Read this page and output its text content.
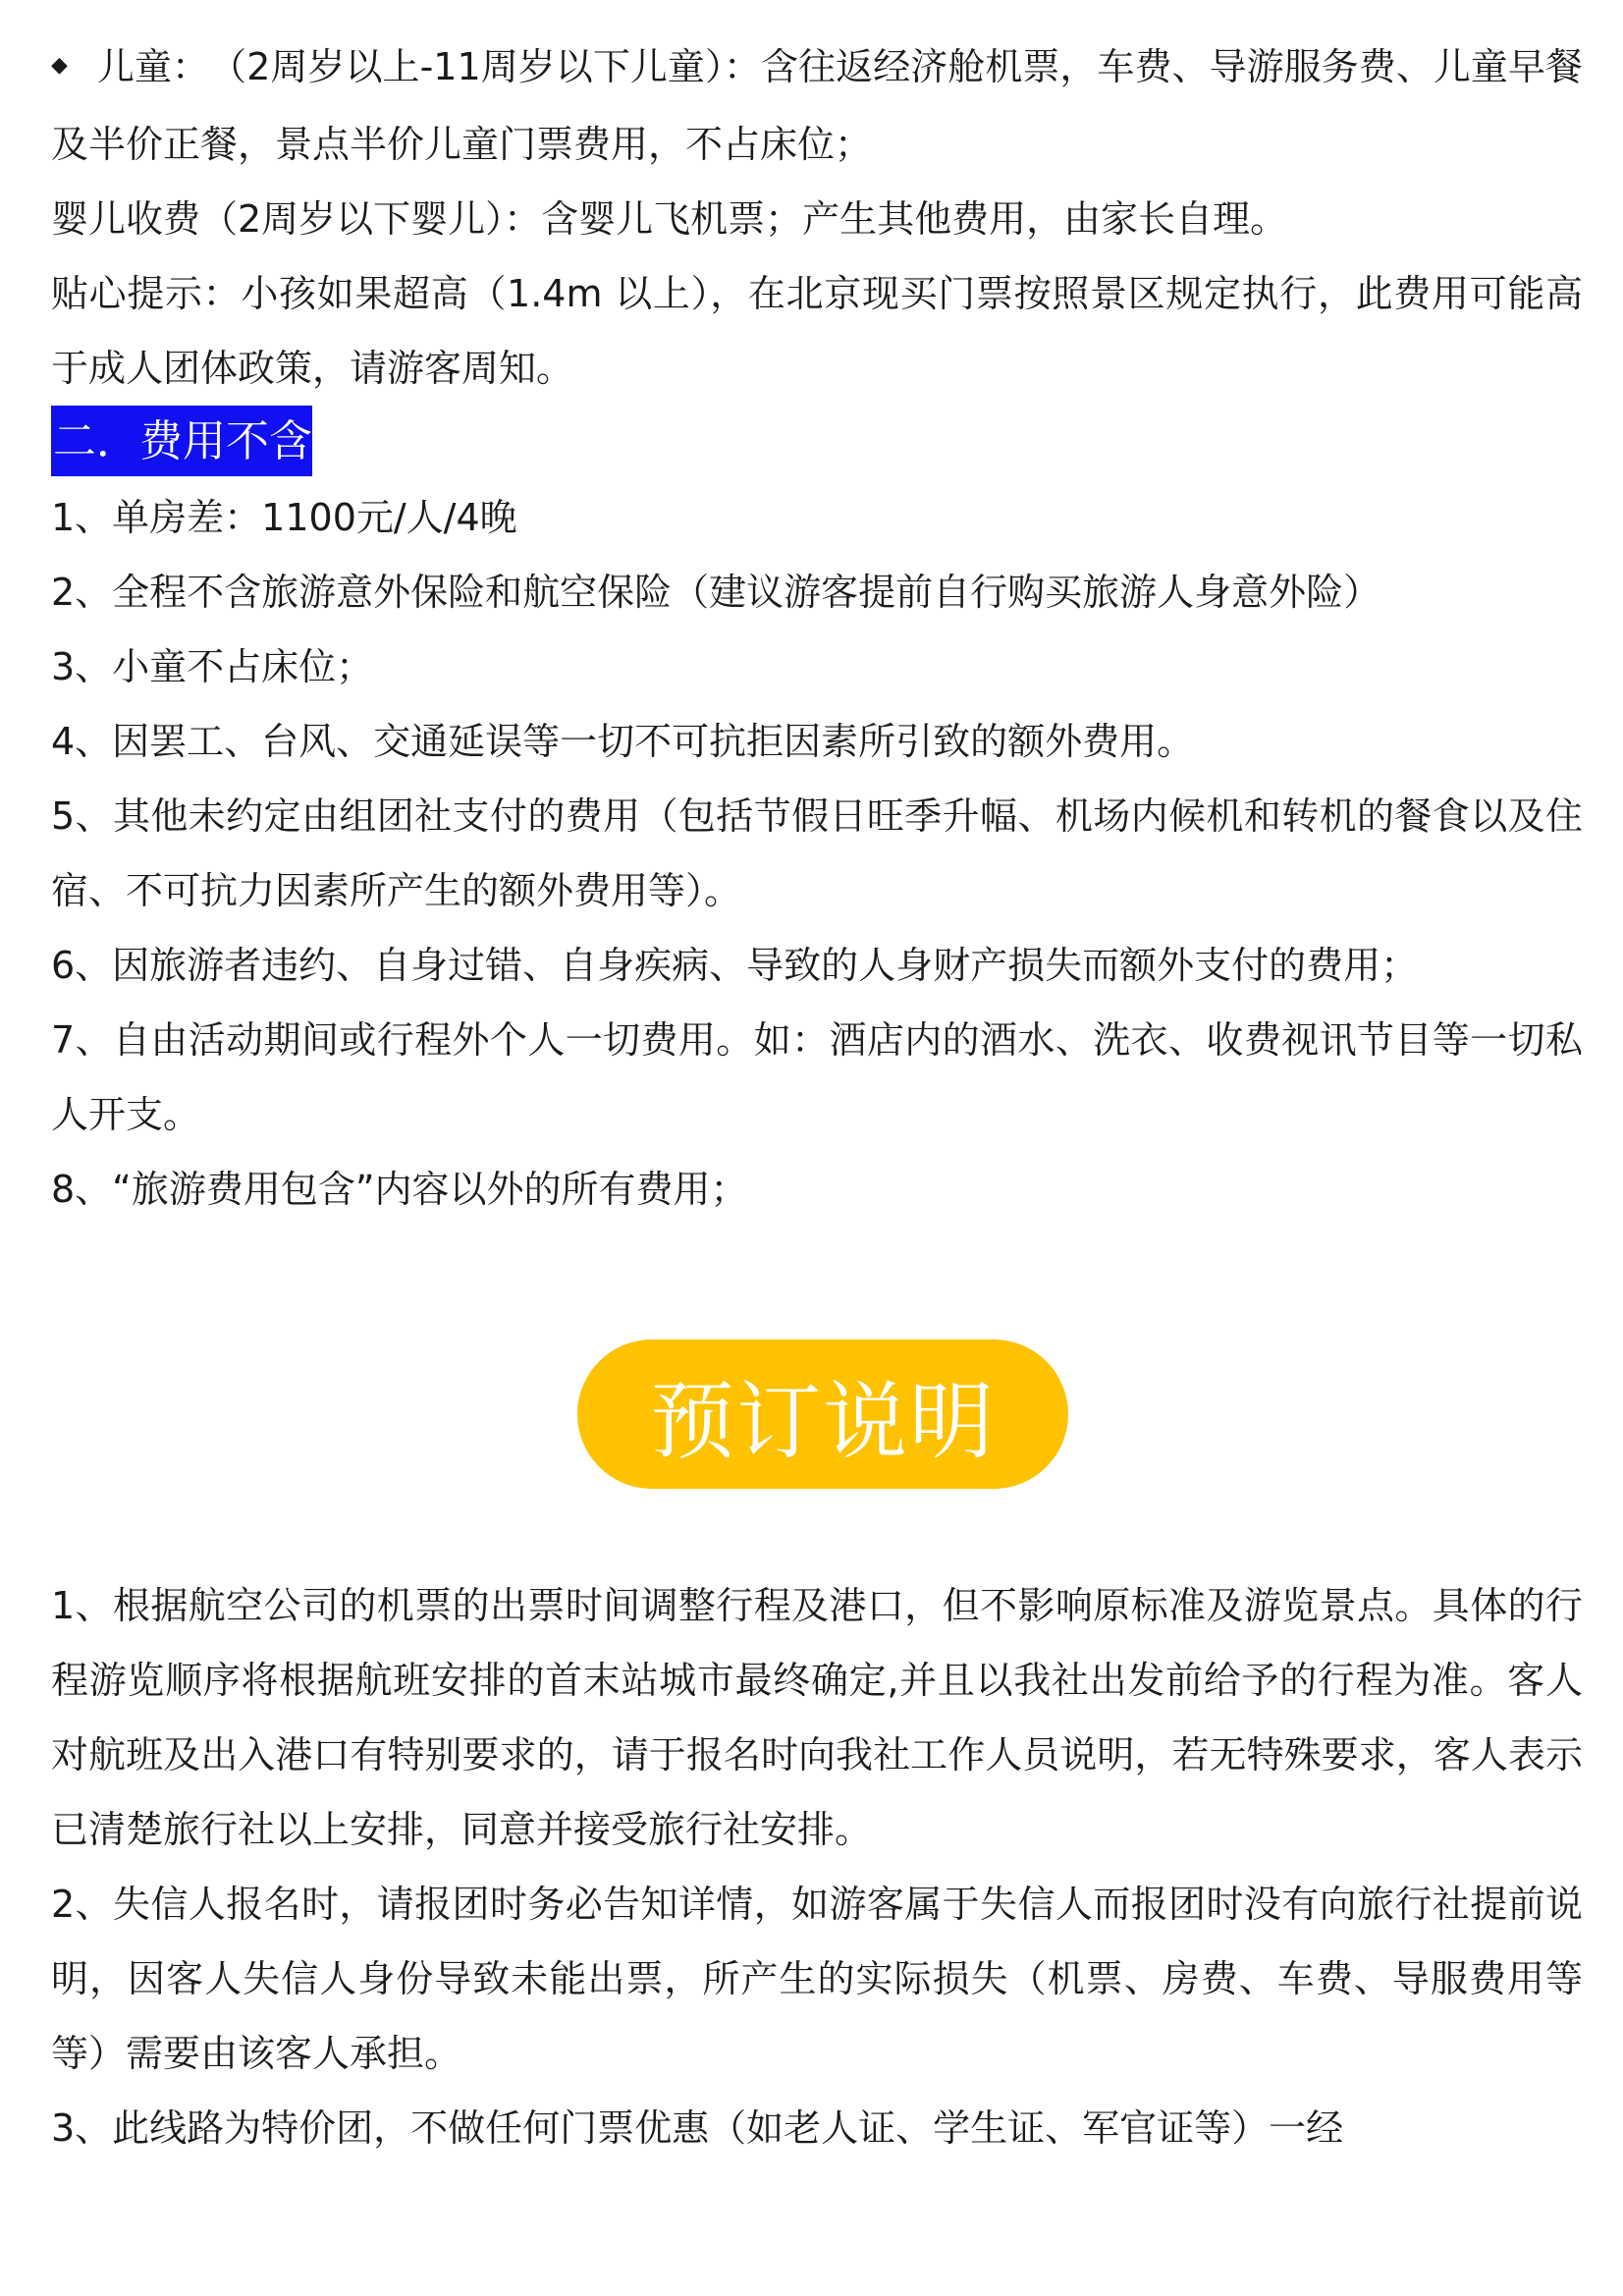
◆ 儿童：　（2周岁以上-11周岁以下儿童）：含往返经济舱机票，车费、导游服务费、儿童早餐及半价正餐，景点半价儿童门票费用，不占床位；

婴儿收费（2周岁以下婴儿）：含婴儿飞机票；产生其他费用，由家长自理。

贴心提示：小孩如果超高（1.4m 以上），在北京现买门票按照景区规定执行，此费用可能高于成人团体政策，请游客周知。

二．费用不含

1、单房差：1100元/人/4晚

2、全程不含旅游意外保险和航空保险（建议游客提前自行购买旅游人身意外险）

3、小童不占床位；

4、因罢工、台风、交通延误等一切不可抗拒因素所引致的额外费用。

5、其他未约定由组团社支付的费用（包括节假日旺季升幅、机场内候机和转机的餐食以及住宿、不可抗力因素所产生的额外费用等）。

6、因旅游者违约、自身过错、自身疾病、导致的人身财产损失而额外支付的费用；

7、自由活动期间或行程外个人一切费用。如：酒店内的酒水、洗衣、收费视讯节目等一切私人开支。

8、“旅游费用包含”内容以外的所有费用；

预订说明

1、根据航空公司的机票的出票时间调整行程及港口，但不影响原标准及游览景点。具体的行程游览顺序将根据航班安排的首末站城市最终确定,并且以我社出发前给予的行程为准。客人对航班及出入港口有特别要求的，请于报名时向我社工作人员说明，若无特殊要求，客人表示已清楚旅行社以上安排，同意并接受旅行社安排。

2、失信人报名时，请报团时务必告知详情，如游客属于失信人而报团时没有向旅行社提前说明，因客人失信人身份导致未能出票，所产生的实际损失（机票、房费、车费、导服费用等等）需要由该客人承担。

3、此线路为特价团，不做任何门票优惠（如老人证、学生证、军官证等）一经
